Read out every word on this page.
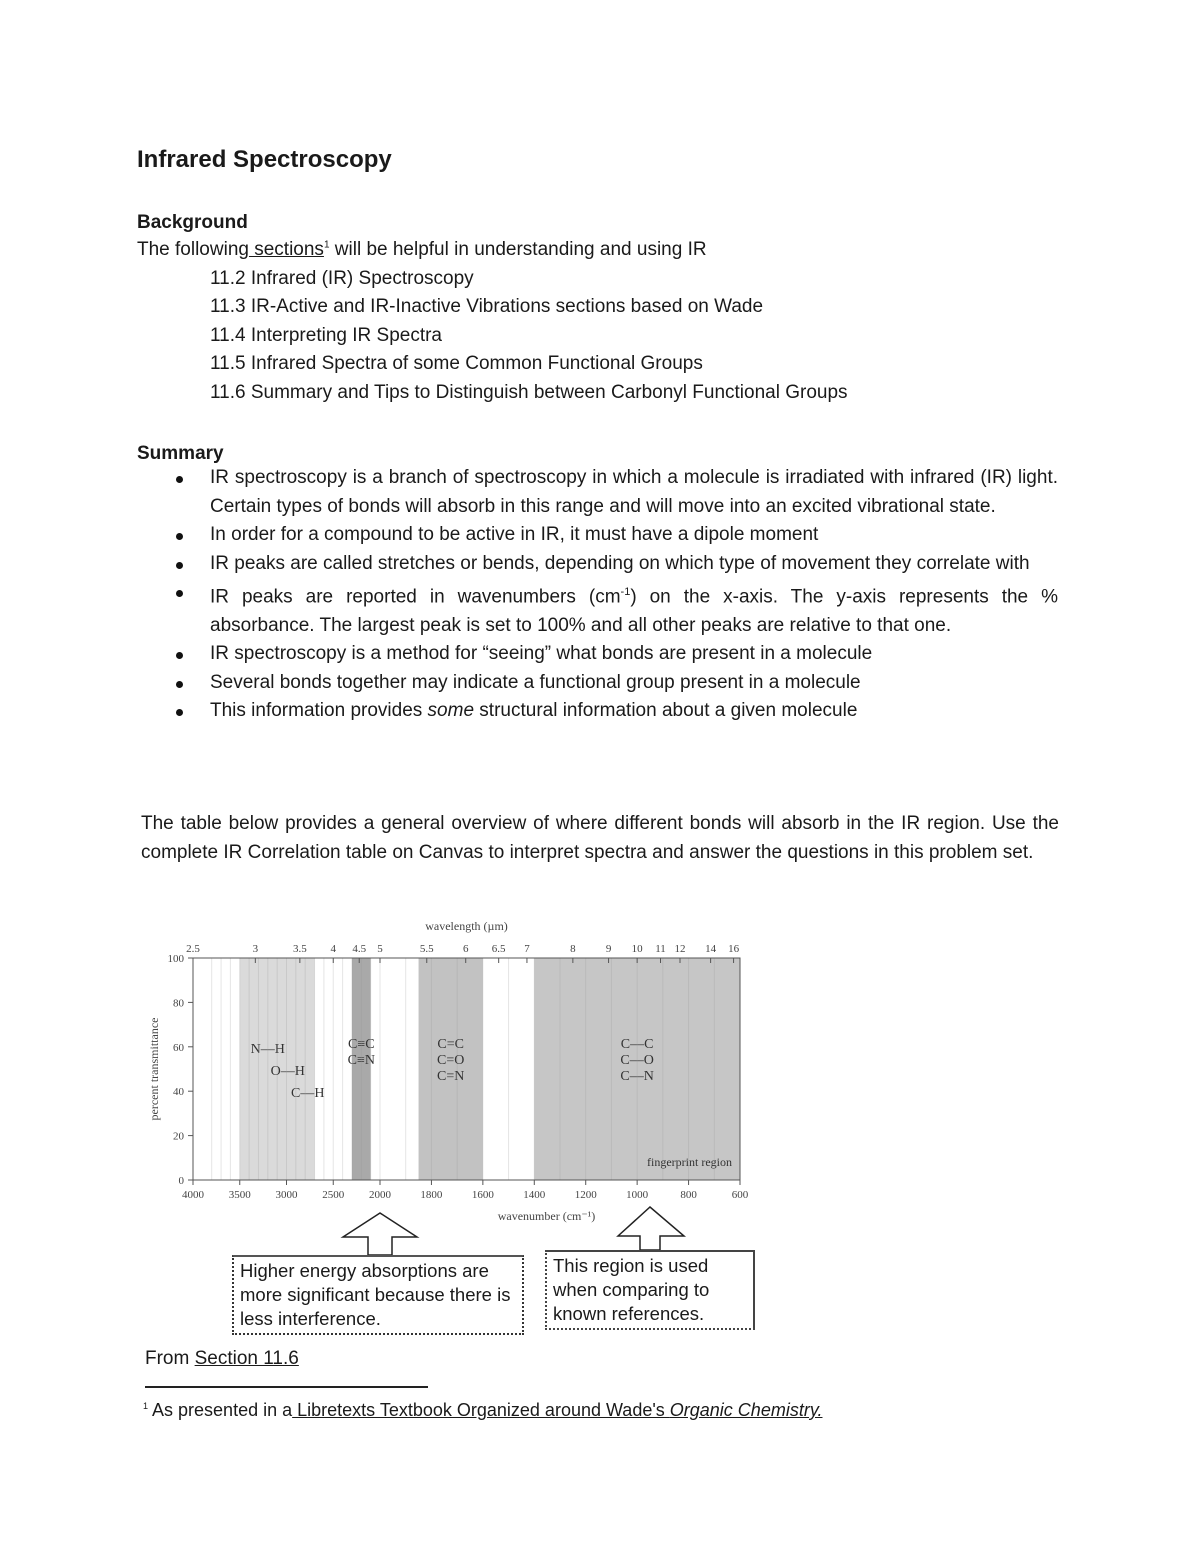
Infrared Spectroscopy
Background
The following sections$^1$ will be helpful in understanding and using IR
11.2 Infrared (IR) Spectroscopy
11.3 IR-Active and IR-Inactive Vibrations sections based on Wade
11.4 Interpreting IR Spectra
11.5 Infrared Spectra of some Common Functional Groups
11.6 Summary and Tips to Distinguish between Carbonyl Functional Groups
Summary
IR spectroscopy is a branch of spectroscopy in which a molecule is irradiated with infrared (IR) light. Certain types of bonds will absorb in this range and will move into an excited vibrational state.
In order for a compound to be active in IR, it must have a dipole moment
IR peaks are called stretches or bends, depending on which type of movement they correlate with
IR peaks are reported in wavenumbers $(cm^{-1})$ on the x-axis. The y-axis represents the % absorbance. The largest peak is set to 100% and all other peaks are relative to that one.
IR spectroscopy is a method for “seeing” what bonds are present in a molecule
Several bonds together may indicate a functional group present in a molecule
This information provides some structural information about a given molecule
The table below provides a general overview of where different bonds will absorb in the IR region. Use the complete IR Correlation table on Canvas to interpret spectra and answer the questions in this problem set.
N—H
O—H
C—H
C≡C
C≡N
C=C
C=O
C=N
C—C
C—O
C—N
fingerprint region
4000 3500 3000 2500 2000	1800	1600	1400	1200	1000	800	600
0
20
40
60
80
100
2.5	3	3.5 4 4.5 5	5.5	6 6.5 7	8	9 10 11 12 14 16
wavelength (µm)
wavenumber (cm⁻¹)
percent transmittance
Higher energy absorptions are more significant because there is less interference.
This region is used when comparing to known references.
From Section 11.6
$^1$ As presented in a Libretexts Textbook Organized around Wade's Organic Chemistry.
